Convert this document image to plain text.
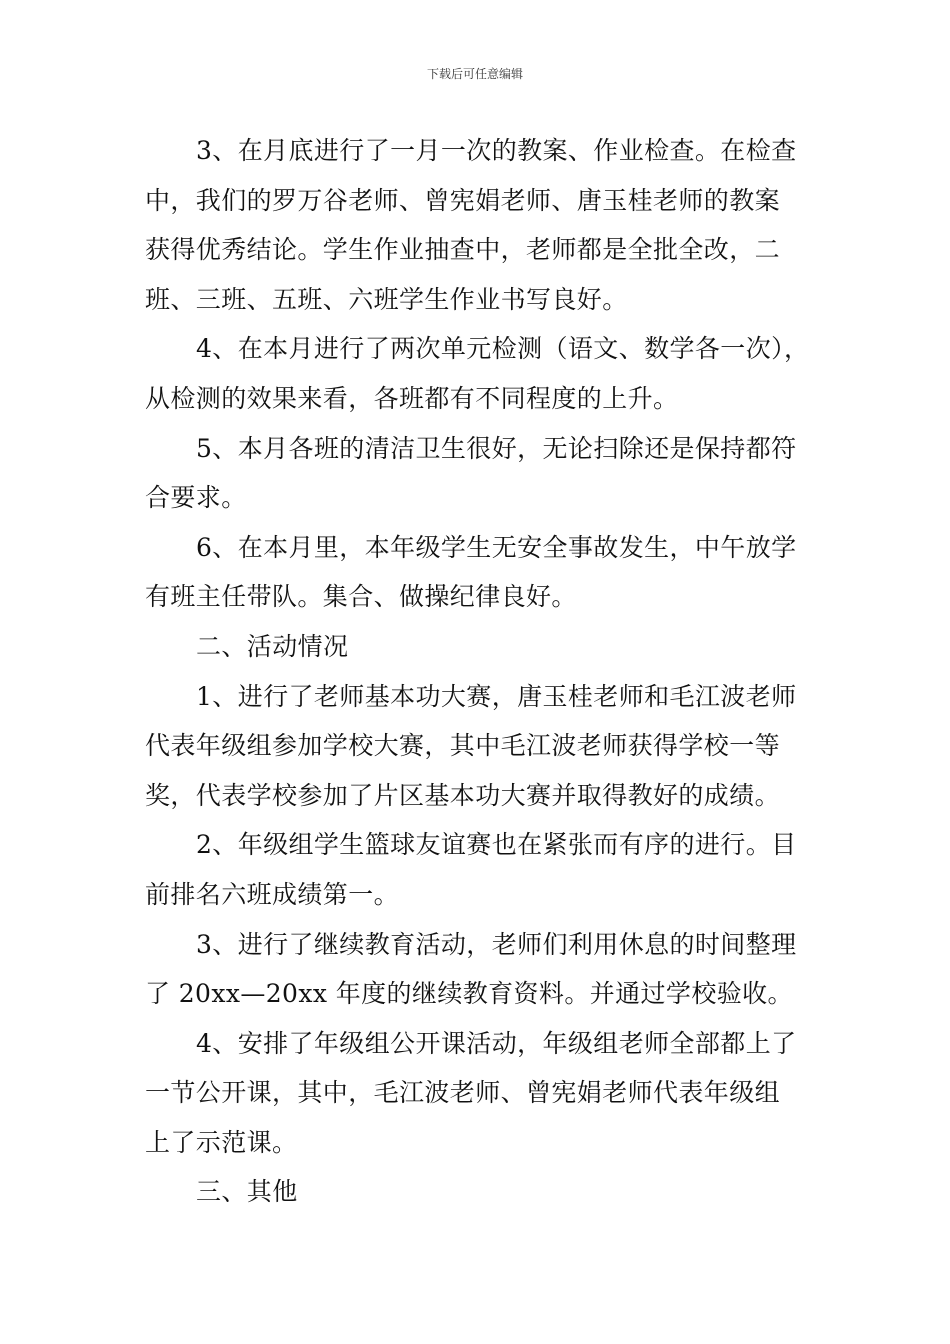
下载后可任意编辑

3、在月底进行了一月一次的教案、作业检查。在检查
中，我们的罗万谷老师、曾宪娟老师、唐玉桂老师的教案
获得优秀结论。学生作业抽查中，老师都是全批全改，二
班、三班、五班、六班学生作业书写良好。

4、在本月进行了两次单元检测（语文、数学各一次），
从检测的效果来看，各班都有不同程度的上升。

5、本月各班的清洁卫生很好，无论扫除还是保持都符
合要求。

6、在本月里，本年级学生无安全事故发生，中午放学
有班主任带队。集合、做操纪律良好。

二、活动情况

1、进行了老师基本功大赛，唐玉桂老师和毛江波老师
代表年级组参加学校大赛，其中毛江波老师获得学校一等
奖，代表学校参加了片区基本功大赛并取得教好的成绩。

2、年级组学生篮球友谊赛也在紧张而有序的进行。目
前排名六班成绩第一。

3、进行了继续教育活动，老师们利用休息的时间整理
了 20xx—20xx 年度的继续教育资料。并通过学校验收。

4、安排了年级组公开课活动，年级组老师全部都上了
一节公开课，其中，毛江波老师、曾宪娟老师代表年级组
上了示范课。

三、其他
